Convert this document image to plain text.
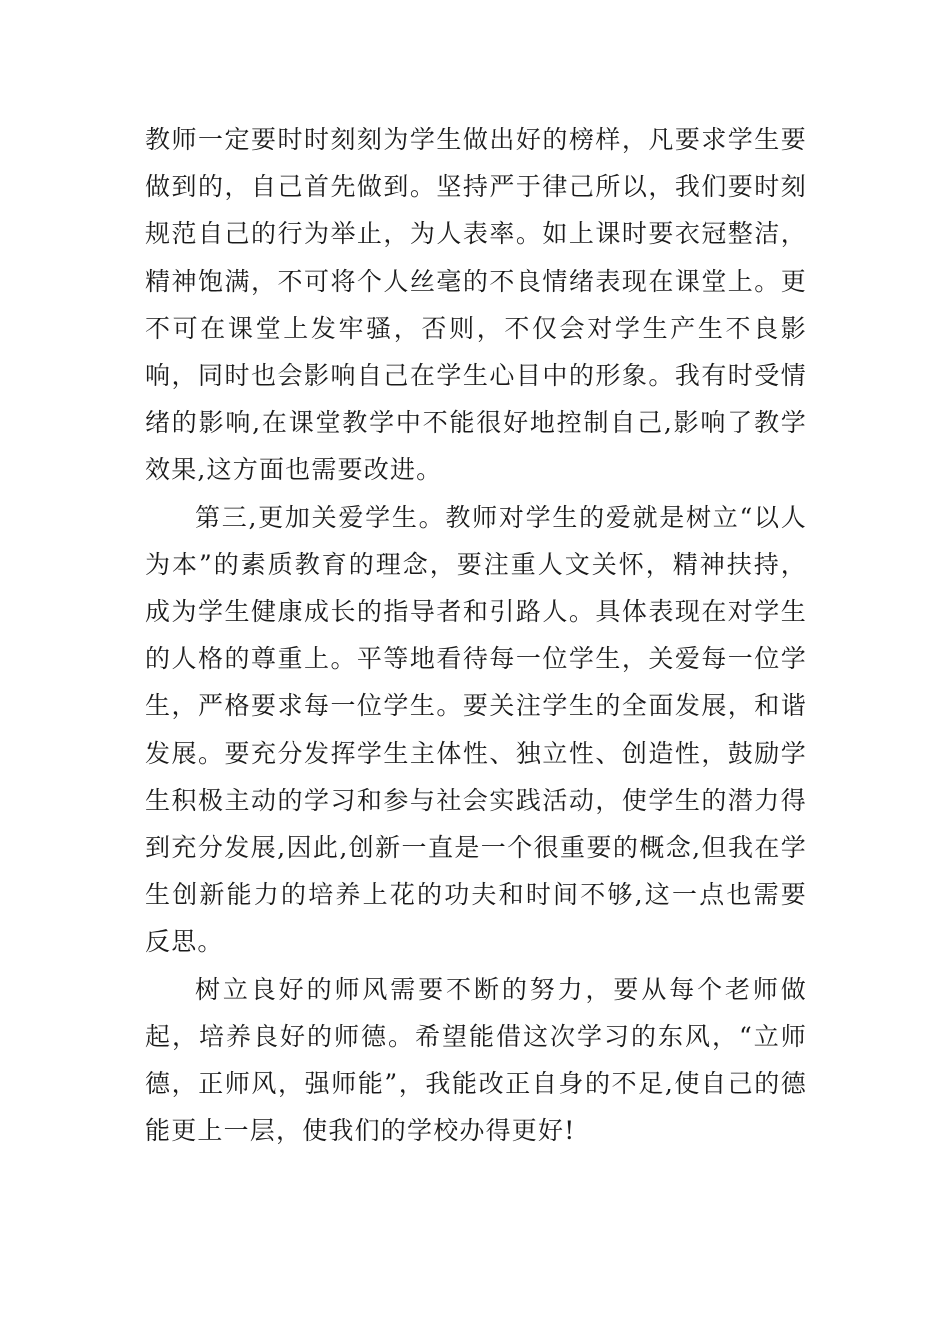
教师一定要时时刻刻为学生做出好的榜样，凡要求学生要做到的，自己首先做到。坚持严于律己所以，我们要时刻规范自己的行为举止，为人表率。如上课时要衣冠整洁，精神饱满，不可将个人丝毫的不良情绪表现在课堂上。更不可在课堂上发牢骚，否则，不仅会对学生产生不良影响，同时也会影响自己在学生心目中的形象。我有时受情绪的影响,在课堂教学中不能很好地控制自己,影响了教学效果,这方面也需要改进。

第三,更加关爱学生。教师对学生的爱就是树立“以人为本”的素质教育的理念，要注重人文关怀，精神扶持，成为学生健康成长的指导者和引路人。具体表现在对学生的人格的尊重上。平等地看待每一位学生，关爱每一位学生，严格要求每一位学生。要关注学生的全面发展，和谐发展。要充分发挥学生主体性、独立性、创造性，鼓励学生积极主动的学习和参与社会实践活动，使学生的潜力得到充分发展,因此,创新一直是一个很重要的概念,但我在学生创新能力的培养上花的功夫和时间不够,这一点也需要反思。

树立良好的师风需要不断的努力，要从每个老师做起，培养良好的师德。希望能借这次学习的东风，“立师德，正师风，强师能”，我能改正自身的不足,使自己的德能更上一层，使我们的学校办得更好!
